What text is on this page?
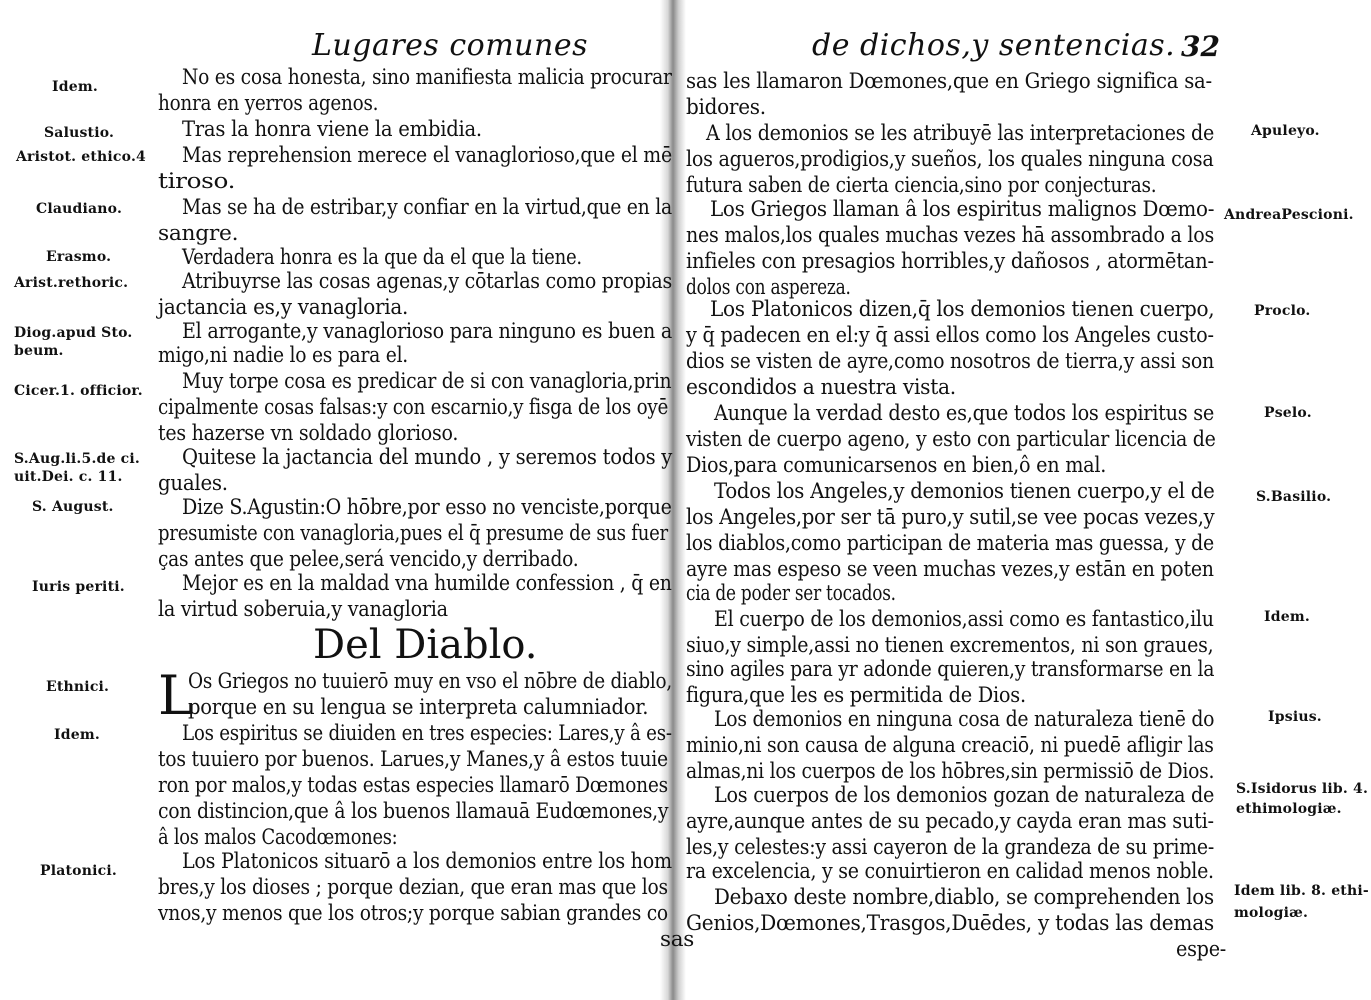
Lugares comunes
No es cosa honesta, sino manifiesta malicia procurar
honra en yerros agenos.
Tras la honra viene la embidia.
Mas reprehension merece el vanaglorioso,que el mē
tiroso.
Mas se ha de estribar,y confiar en la virtud,que en la
sangre.
Verdadera honra es la que da el que la tiene.
Atribuyrse las cosas agenas,y cōtarlas como propias
jactancia es,y vanagloria.
El arrogante,y vanaglorioso para ninguno es buen a
migo,ni nadie lo es para el.
Muy torpe cosa es predicar de si con vanagloria,prin
cipalmente cosas falsas:y con escarnio,y fisga de los oyē
tes hazerse vn soldado glorioso.
Quitese la jactancia del mundo , y seremos todos y
guales.
Dize S.Agustin:O hōbre,por esso no venciste,porque
presumiste con vanagloria,pues el q̄ presume de sus fuer
ças antes que pelee,será vencido,y derribado.
Mejor es en la maldad vna humilde confession , q̄ en
la virtud soberuia,y vanagloria
Os Griegos no tuuierō muy en vso el nōbre de diablo,
porque en su lengua se interpreta calumniador.
Los espiritus se diuiden en tres especies: Lares,y â es-
tos tuuiero por buenos. Larues,y Manes,y â estos tuuie
ron por malos,y todas estas especies llamarō Dœmones
con distincion,que â los buenos llamauā Eudœmones,y
â los malos Cacodœmones:
Los Platonicos situarō a los demonios entre los hom
bres,y los dioses ; porque dezian, que eran mas que los
vnos,y menos que los otros;y porque sabian grandes co
sas
Del Diablo.
L
Idem.
Salustio.
Aristot. ethico.4
Claudiano.
Erasmo.
Arist.rethoric.
Diog.apud Sto.
beum.
Cicer.1. officior.
S.Aug.li.5.de ci.
uit.Dei. c. 11.
S. August.
Iuris periti.
Ethnici.
Idem.
Platonici.
de dichos,y sentencias. 32
sas les llamaron Dœmones,que en Griego significa sa-
bidores.
A los demonios se les atribuyē las interpretaciones de
los agueros,prodigios,y sueños, los quales ninguna cosa
futura saben de cierta ciencia,sino por conjecturas.
Los Griegos llaman â los espiritus malignos Dœmo-
nes malos,los quales muchas vezes hā assombrado a los
infieles con presagios horribles,y dañosos , atormētan-
dolos con aspereza.
Los Platonicos dizen,q̄ los demonios tienen cuerpo,
y q̄ padecen en el:y q̄ assi ellos como los Angeles custo-
dios se visten de ayre,como nosotros de tierra,y assi son
escondidos a nuestra vista.
Aunque la verdad desto es,que todos los espiritus se
visten de cuerpo ageno, y esto con particular licencia de
Dios,para comunicarsenos en bien,ô en mal.
Todos los Angeles,y demonios tienen cuerpo,y el de
los Angeles,por ser tā puro,y sutil,se vee pocas vezes,y
los diablos,como participan de materia mas guessa, y de
ayre mas espeso se veen muchas vezes,y estān en poten
cia de poder ser tocados.
El cuerpo de los demonios,assi como es fantastico,ilu
siuo,y simple,assi no tienen excrementos, ni son graues,
sino agiles para yr adonde quieren,y transformarse en la
figura,que les es permitida de Dios.
Los demonios en ninguna cosa de naturaleza tienē do
minio,ni son causa de alguna creaciō, ni puedē afligir las
almas,ni los cuerpos de los hōbres,sin permissiō de Dios.
Los cuerpos de los demonios gozan de naturaleza de
ayre,aunque antes de su pecado,y cayda eran mas suti-
les,y celestes:y assi cayeron de la grandeza de su prime-
ra excelencia, y se conuirtieron en calidad menos noble.
Debaxo deste nombre,diablo, se comprehenden los
Genios,Dœmones,Trasgos,Duēdes, y todas las demas
espe-
Apuleyo.
AndreaPescioni.
Proclo.
Pselo.
S.Basilio.
Idem.
Ipsius.
S.Isidorus lib. 4.
ethimologiæ.
Idem lib. 8. ethi-
mologiæ.
